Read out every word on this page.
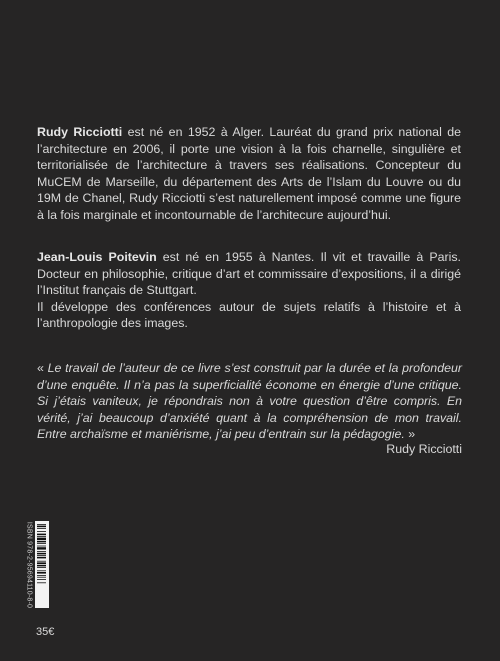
Rudy Ricciotti est né en 1952 à Alger. Lauréat du grand prix national de l’architecture en 2006, il porte une vision à la fois charnelle, singulière et territorialisée de l’architecture à travers ses réalisations. Concepteur du MuCEM de Marseille, du département des Arts de l’Islam du Louvre ou du 19M de Chanel, Rudy Ricciotti s’est naturellement imposé comme une figure à la fois marginale et incontournable de l’architecure aujourd’hui.

Jean-Louis Poitevin est né en 1955 à Nantes. Il vit et travaille à Paris. Docteur en philosophie, critique d’art et commissaire d’expositions, il a dirigé l’Institut français de Stuttgart.
Il développe des conférences autour de sujets relatifs à l’histoire et à l’anthropologie des images.

« Le travail de l’auteur de ce livre s’est construit par la durée et la profondeur d’une enquête. Il n’a pas la superficialité économe en énergie d’une critique. Si j’étais vaniteux, je répondrais non à votre question d’être compris. En vérité, j’ai beaucoup d’anxiété quant à la compréhension de mon travail. Entre archaïsme et maniérisme, j’ai peu d’entrain sur la pédagogie. »

Rudy Ricciotti
ISBN 978-2-95694110-8-0
35€
